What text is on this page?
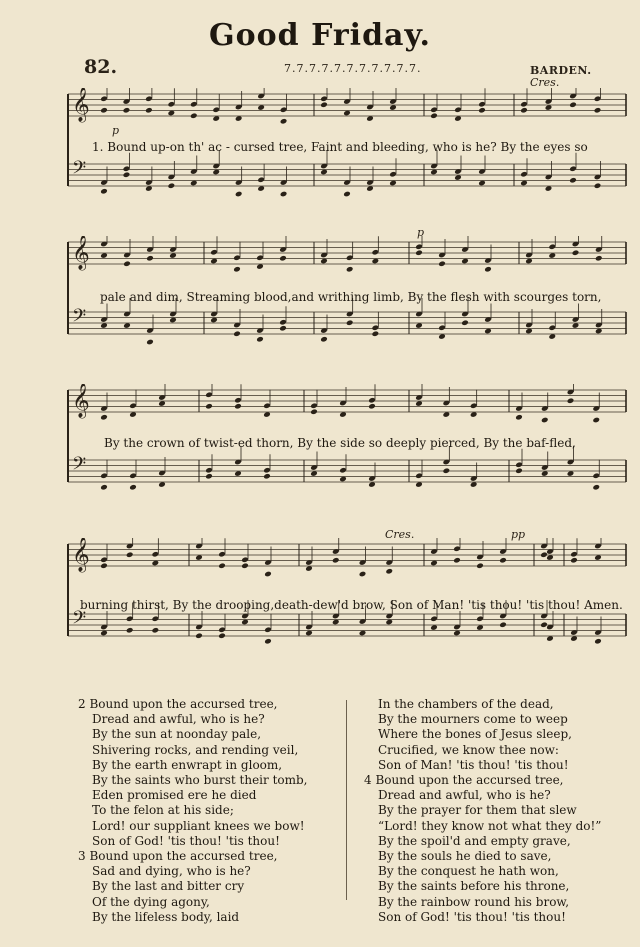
Good Friday.
82.	7.7.7.7.7.7.7.7.7.7.7.	BARDEN.
Cres.
p
p
Cres.	pp
𝄞
𝄢
𝄞
𝄢
𝄞
𝄢
𝄞
𝄢
1. Bound up-on th' ac - cursed tree, Faint and bleeding, who is he? By the eyes so
pale and dim, Streaming blood,and writhing limb, By the flesh with scourges torn,
By the crown of twist-ed thorn, By the side so deeply pierced, By the baf-fled,
burning thirst, By the drooping,death-dew'd brow, Son of Man! 'tis thou! 'tis thou! Amen.
2 Bound upon the accursed tree,
Dread and awful, who is he?
By the sun at noonday pale,
Shivering rocks, and rending veil,
By the earth enwrapt in gloom,
By the saints who burst their tomb,
Eden promised ere he died
To the felon at his side;
Lord! our suppliant knees we bow!
Son of God! 'tis thou! 'tis thou!
3 Bound upon the accursed tree,
Sad and dying, who is he?
By the last and bitter cry
Of the dying agony,
By the lifeless body, laid
In the chambers of the dead,
By the mourners come to weep
Where the bones of Jesus sleep,
Crucified, we know thee now:
Son of Man! 'tis thou! 'tis thou!
4 Bound upon the accursed tree,
Dread and awful, who is he?
By the prayer for them that slew
“Lord! they know not what they do!”
By the spoil'd and empty grave,
By the souls he died to save,
By the conquest he hath won,
By the saints before his throne,
By the rainbow round his brow,
Son of God! 'tis thou! 'tis thou!
